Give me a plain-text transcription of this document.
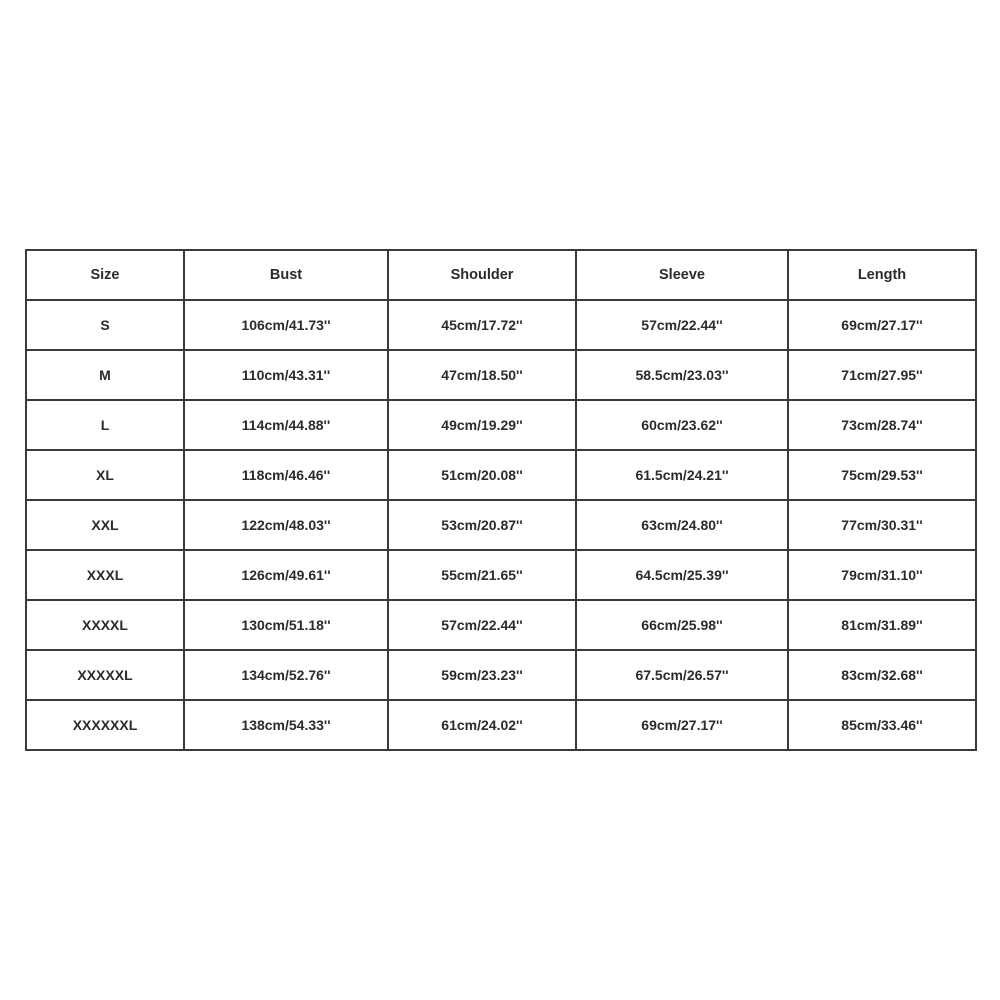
Size	Bust	Shoulder	Sleeve	Length
S	106cm/41.73''	45cm/17.72''	57cm/22.44''	69cm/27.17''
M	110cm/43.31''	47cm/18.50''	58.5cm/23.03''	71cm/27.95''
L	114cm/44.88''	49cm/19.29''	60cm/23.62''	73cm/28.74''
XL	118cm/46.46''	51cm/20.08''	61.5cm/24.21''	75cm/29.53''
XXL	122cm/48.03''	53cm/20.87''	63cm/24.80''	77cm/30.31''
XXXL	126cm/49.61''	55cm/21.65''	64.5cm/25.39''	79cm/31.10''
XXXXL	130cm/51.18''	57cm/22.44''	66cm/25.98''	81cm/31.89''
XXXXXL	134cm/52.76''	59cm/23.23''	67.5cm/26.57''	83cm/32.68''
XXXXXXL	138cm/54.33''	61cm/24.02''	69cm/27.17''	85cm/33.46''
